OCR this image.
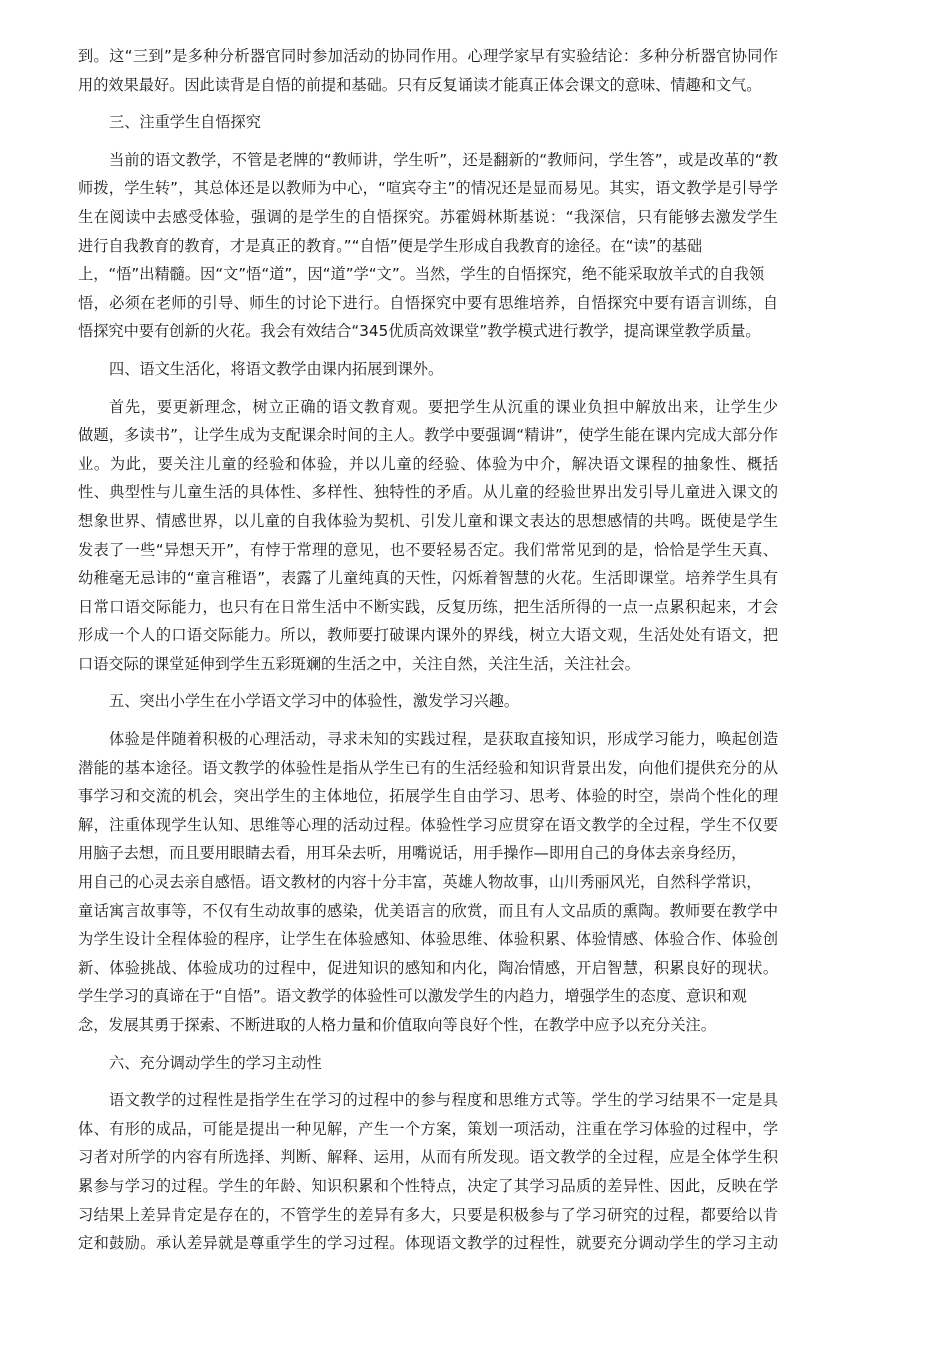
到。这“三到”是多种分析器官同时参加活动的协同作用。心理学家早有实验结论：多种分析器官协同作
用的效果最好。因此读背是自悟的前提和基础。只有反复诵读才能真正体会课文的意味、情趣和文气。
三、注重学生自悟探究
当前的语文教学，不管是老牌的“教师讲，学生听”，还是翻新的“教师问，学生答”，或是改革的“教
师拨，学生转”，其总体还是以教师为中心，“喧宾夺主”的情况还是显而易见。其实，语文教学是引导学
生在阅读中去感受体验，强调的是学生的自悟探究。苏霍姆林斯基说：“我深信，只有能够去激发学生
进行自我教育的教育，才是真正的教育。”“自悟”便是学生形成自我教育的途径。在“读”的基础
上，“悟”出精髓。因“文”悟“道”，因“道”学“文”。当然，学生的自悟探究，绝不能采取放羊式的自我领
悟，必须在老师的引导、师生的讨论下进行。自悟探究中要有思维培养，自悟探究中要有语言训练，自
悟探究中要有创新的火花。我会有效结合“345优质高效课堂”教学模式进行教学，提高课堂教学质量。
四、语文生活化，将语文教学由课内拓展到课外。
首先，要更新理念，树立正确的语文教育观。要把学生从沉重的课业负担中解放出来，让学生少
做题，多读书”，让学生成为支配课余时间的主人。教学中要强调“精讲”，使学生能在课内完成大部分作
业。为此，要关注儿童的经验和体验，并以儿童的经验、体验为中介，解决语文课程的抽象性、概括
性、典型性与儿童生活的具体性、多样性、独特性的矛盾。从儿童的经验世界出发引导儿童进入课文的
想象世界、情感世界，以儿童的自我体验为契机、引发儿童和课文表达的思想感情的共鸣。既使是学生
发表了一些“异想天开”，有悖于常理的意见，也不要轻易否定。我们常常见到的是，恰恰是学生天真、
幼稚毫无忌讳的“童言稚语”，表露了儿童纯真的天性，闪烁着智慧的火花。生活即课堂。培养学生具有
日常口语交际能力，也只有在日常生活中不断实践，反复历练，把生活所得的一点一点累积起来，才会
形成一个人的口语交际能力。所以，教师要打破课内课外的界线，树立大语文观，生活处处有语文，把
口语交际的课堂延伸到学生五彩斑斓的生活之中，关注自然，关注生活，关注社会。
五、突出小学生在小学语文学习中的体验性，激发学习兴趣。
体验是伴随着积极的心理活动，寻求未知的实践过程，是获取直接知识，形成学习能力，唤起创造
潜能的基本途径。语文教学的体验性是指从学生已有的生活经验和知识背景出发，向他们提供充分的从
事学习和交流的机会，突出学生的主体地位，拓展学生自由学习、思考、体验的时空，崇尚个性化的理
解，注重体现学生认知、思维等心理的活动过程。体验性学习应贯穿在语文教学的全过程，学生不仅要
用脑子去想，而且要用眼睛去看，用耳朵去听，用嘴说话，用手操作—即用自己的身体去亲身经历，
用自己的心灵去亲自感悟。语文教材的内容十分丰富，英雄人物故事，山川秀丽风光，自然科学常识，
童话寓言故事等，不仅有生动故事的感染，优美语言的欣赏，而且有人文品质的熏陶。教师要在教学中
为学生设计全程体验的程序，让学生在体验感知、体验思维、体验积累、体验情感、体验合作、体验创
新、体验挑战、体验成功的过程中，促进知识的感知和内化，陶冶情感，开启智慧，积累良好的现状。
学生学习的真谛在于“自悟”。语文教学的体验性可以激发学生的内趋力，增强学生的态度、意识和观
念，发展其勇于探索、不断进取的人格力量和价值取向等良好个性，在教学中应予以充分关注。
六、充分调动学生的学习主动性
语文教学的过程性是指学生在学习的过程中的参与程度和思维方式等。学生的学习结果不一定是具
体、有形的成品，可能是提出一种见解，产生一个方案，策划一项活动，注重在学习体验的过程中，学
习者对所学的内容有所选择、判断、解释、运用，从而有所发现。语文教学的全过程，应是全体学生积
累参与学习的过程。学生的年龄、知识积累和个性特点，决定了其学习品质的差异性、因此，反映在学
习结果上差异肯定是存在的，不管学生的差异有多大，只要是积极参与了学习研究的过程，都要给以肯
定和鼓励。承认差异就是尊重学生的学习过程。体现语文教学的过程性，就要充分调动学生的学习主动
